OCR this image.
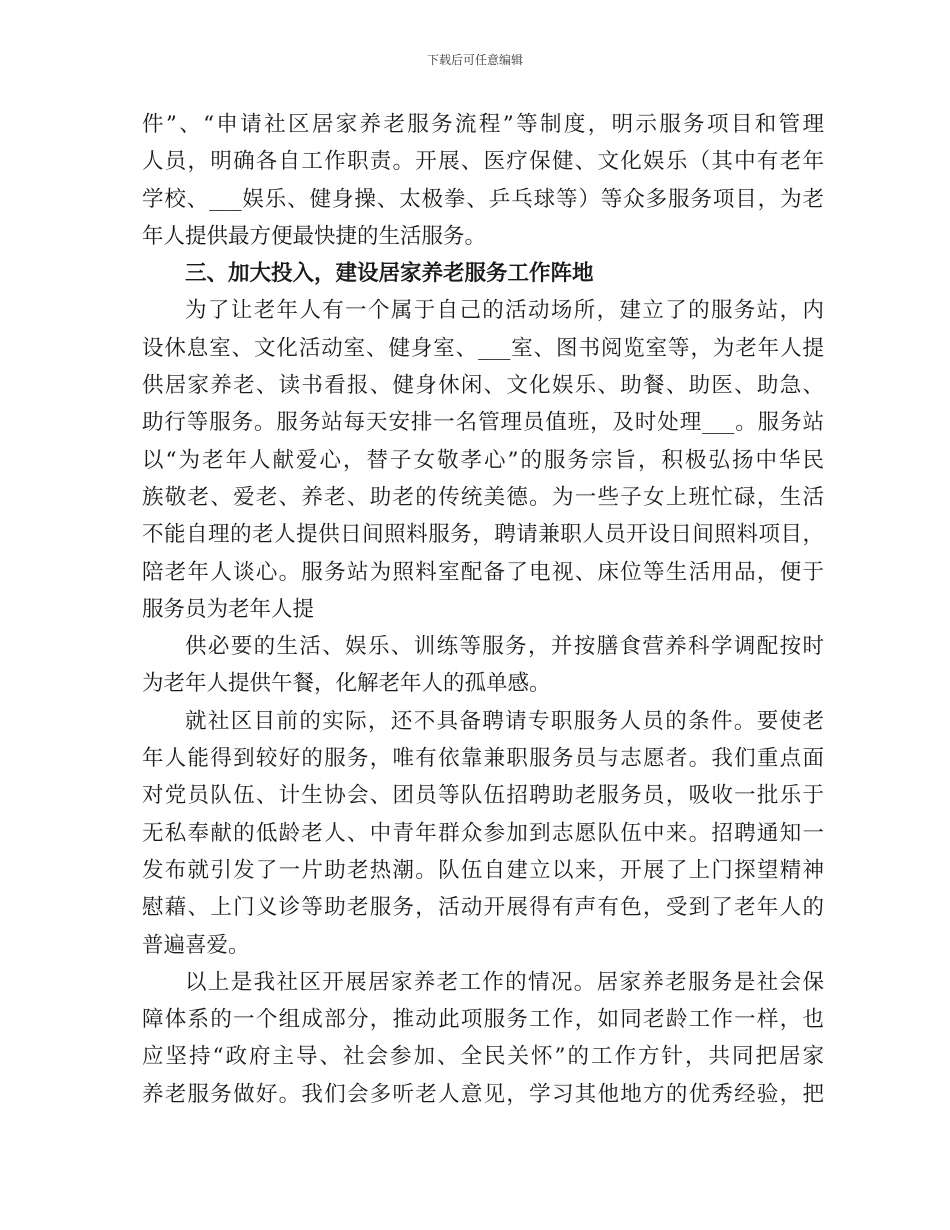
下载后可任意编辑
件”、“申请社区居家养老服务流程”等制度，明示服务项目和管理
人员，明确各自工作职责。开展、医疗保健、文化娱乐（其中有老年
学校、___娱乐、健身操、太极拳、乒乓球等）等众多服务项目，为老
年人提供最方便最快捷的生活服务。
三、加大投入，建设居家养老服务工作阵地
为了让老年人有一个属于自己的活动场所，建立了的服务站，内
设休息室、文化活动室、健身室、___室、图书阅览室等，为老年人提
供居家养老、读书看报、健身休闲、文化娱乐、助餐、助医、助急、
助行等服务。服务站每天安排一名管理员值班，及时处理___。服务站
以“为老年人献爱心，替子女敬孝心”的服务宗旨，积极弘扬中华民
族敬老、爱老、养老、助老的传统美德。为一些子女上班忙碌，生活
不能自理的老人提供日间照料服务，聘请兼职人员开设日间照料项目，
陪老年人谈心。服务站为照料室配备了电视、床位等生活用品，便于
服务员为老年人提
供必要的生活、娱乐、训练等服务，并按膳食营养科学调配按时
为老年人提供午餐，化解老年人的孤单感。
就社区目前的实际，还不具备聘请专职服务人员的条件。要使老
年人能得到较好的服务，唯有依靠兼职服务员与志愿者。我们重点面
对党员队伍、计生协会、团员等队伍招聘助老服务员，吸收一批乐于
无私奉献的低龄老人、中青年群众参加到志愿队伍中来。招聘通知一
发布就引发了一片助老热潮。队伍自建立以来，开展了上门探望精神
慰藉、上门义诊等助老服务，活动开展得有声有色，受到了老年人的
普遍喜爱。
以上是我社区开展居家养老工作的情况。居家养老服务是社会保
障体系的一个组成部分，推动此项服务工作，如同老龄工作一样，也
应坚持“政府主导、社会参加、全民关怀”的工作方针，共同把居家
养老服务做好。我们会多听老人意见，学习其他地方的优秀经验，把
